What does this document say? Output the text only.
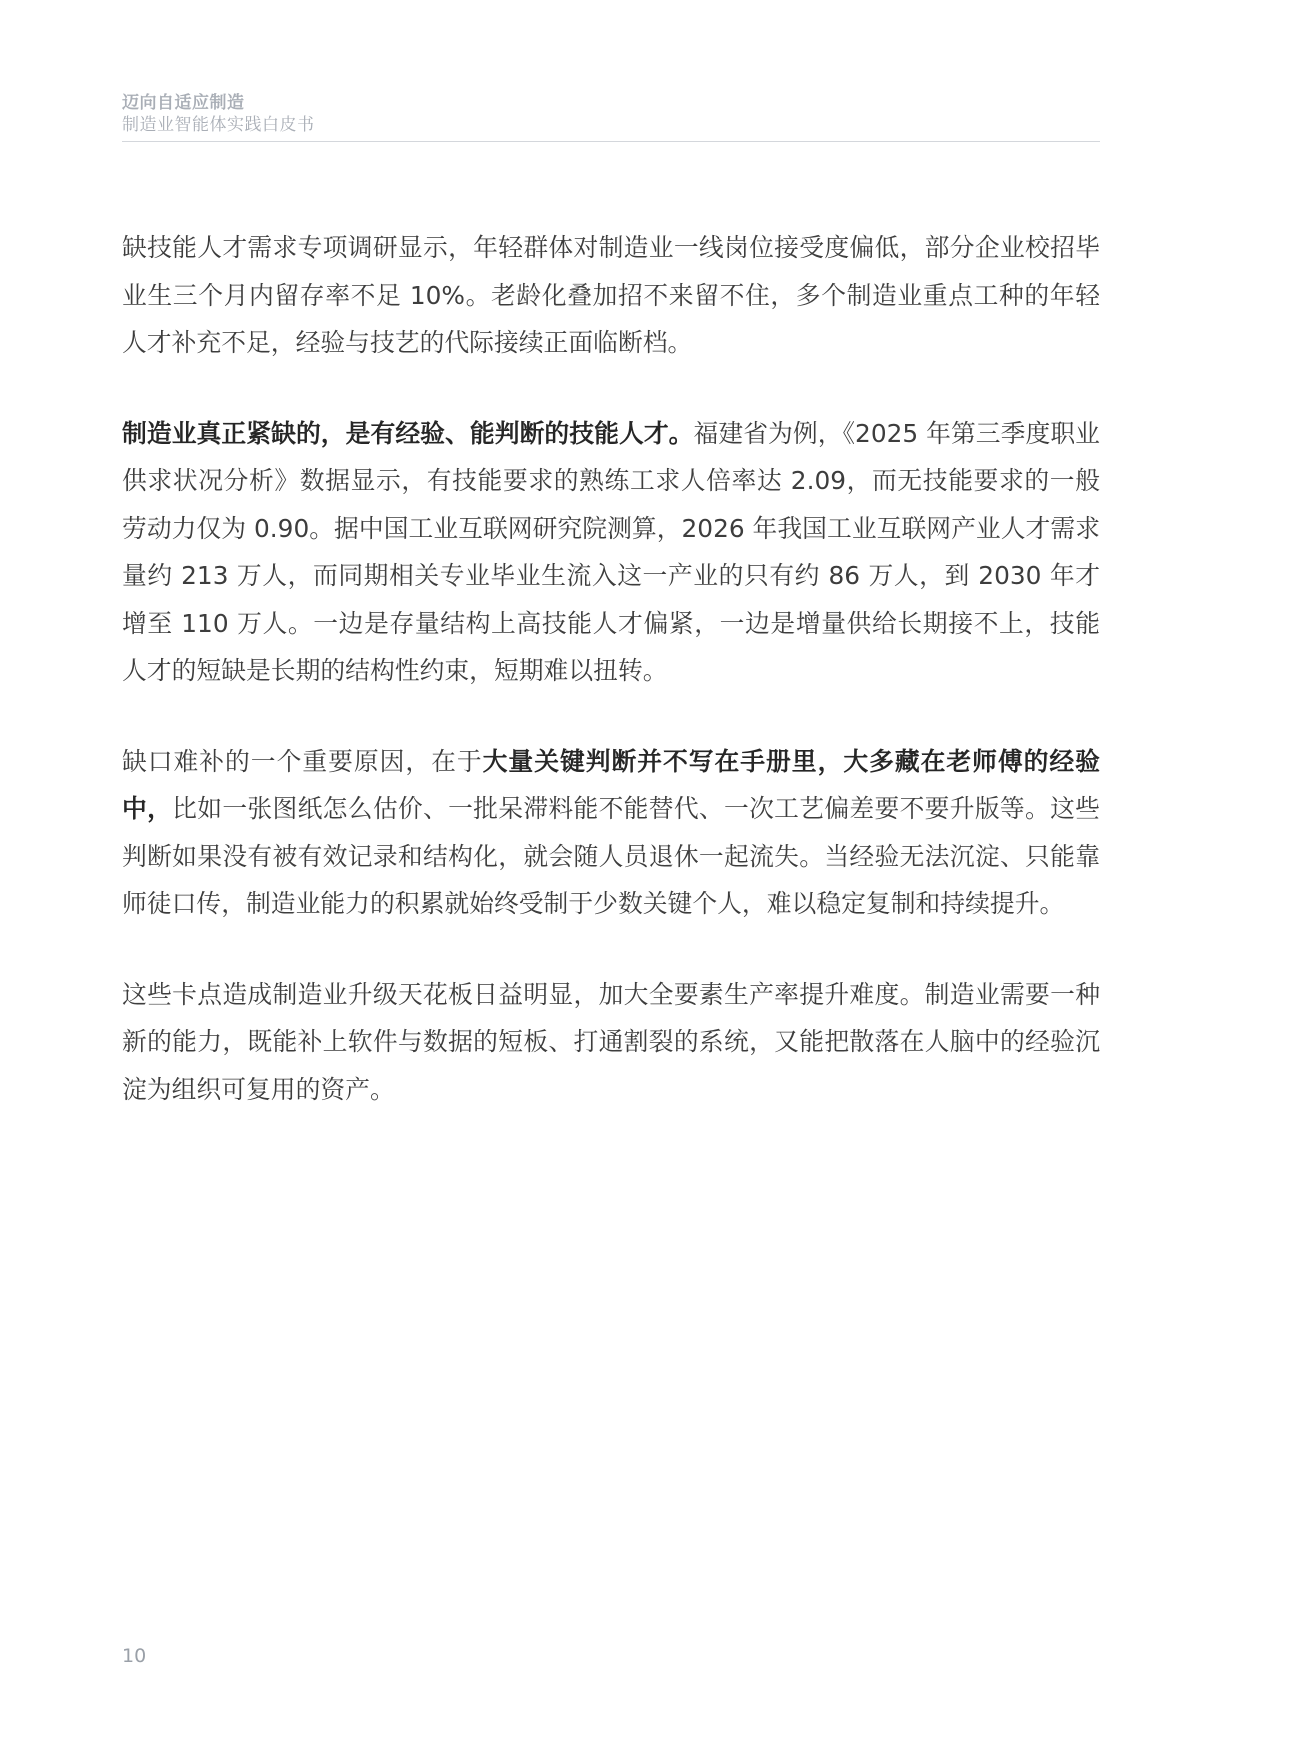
迈向自适应制造
制造业智能体实践白皮书

缺技能人才需求专项调研显示，年轻群体对制造业一线岗位接受度偏低，部分企业校招毕业生三个月内留存率不足 10%。老龄化叠加招不来留不住，多个制造业重点工种的年轻人才补充不足，经验与技艺的代际接续正面临断档。

制造业真正紧缺的，是有经验、能判断的技能人才。福建省为例，《2025 年第三季度职业供求状况分析》数据显示，有技能要求的熟练工求人倍率达 2.09，而无技能要求的一般劳动力仅为 0.90。据中国工业互联网研究院测算，2026 年我国工业互联网产业人才需求量约 213 万人，而同期相关专业毕业生流入这一产业的只有约 86 万人，到 2030 年才增至 110 万人。一边是存量结构上高技能人才偏紧，一边是增量供给长期接不上，技能人才的短缺是长期的结构性约束，短期难以扭转。

缺口难补的一个重要原因，在于大量关键判断并不写在手册里，大多藏在老师傅的经验中，比如一张图纸怎么估价、一批呆滞料能不能替代、一次工艺偏差要不要升版等。这些判断如果没有被有效记录和结构化，就会随人员退休一起流失。当经验无法沉淀、只能靠师徒口传，制造业能力的积累就始终受制于少数关键个人，难以稳定复制和持续提升。

这些卡点造成制造业升级天花板日益明显，加大全要素生产率提升难度。制造业需要一种新的能力，既能补上软件与数据的短板、打通割裂的系统，又能把散落在人脑中的经验沉淀为组织可复用的资产。

10
